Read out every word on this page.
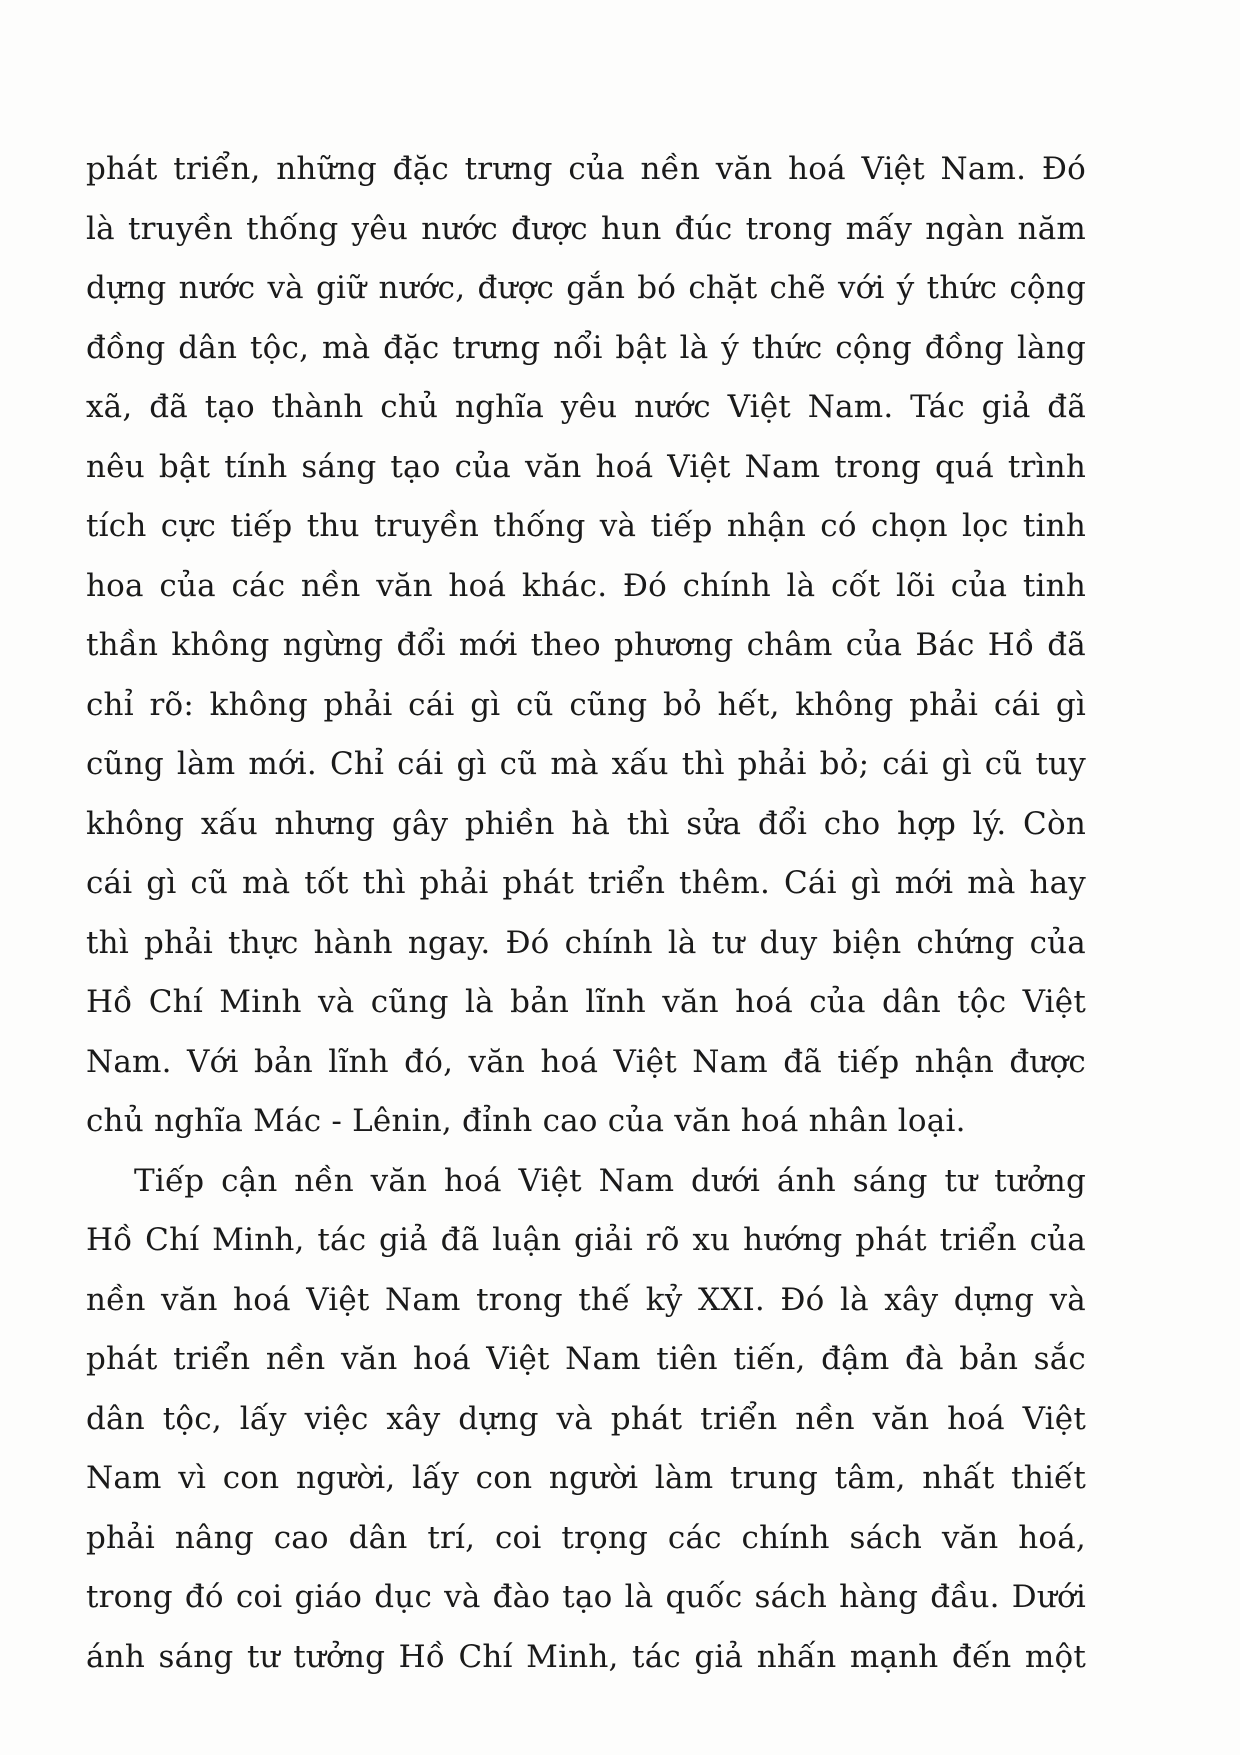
phát triển, những đặc trưng của nền văn hoá Việt Nam. Đó
là truyền thống yêu nước được hun đúc trong mấy ngàn năm
dựng nước và giữ nước, được gắn bó chặt chẽ với ý thức cộng
đồng dân tộc, mà đặc trưng nổi bật là ý thức cộng đồng làng
xã, đã tạo thành chủ nghĩa yêu nước Việt Nam. Tác giả đã
nêu bật tính sáng tạo của văn hoá Việt Nam trong quá trình
tích cực tiếp thu truyền thống và tiếp nhận có chọn lọc tinh
hoa của các nền văn hoá khác. Đó chính là cốt lõi của tinh
thần không ngừng đổi mới theo phương châm của Bác Hồ đã
chỉ rõ: không phải cái gì cũ cũng bỏ hết, không phải cái gì
cũng làm mới. Chỉ cái gì cũ mà xấu thì phải bỏ; cái gì cũ tuy
không xấu nhưng gây phiền hà thì sửa đổi cho hợp lý. Còn
cái gì cũ mà tốt thì phải phát triển thêm. Cái gì mới mà hay
thì phải thực hành ngay. Đó chính là tư duy biện chứng của
Hồ Chí Minh và cũng là bản lĩnh văn hoá của dân tộc Việt
Nam. Với bản lĩnh đó, văn hoá Việt Nam đã tiếp nhận được
chủ nghĩa Mác - Lênin, đỉnh cao của văn hoá nhân loại.
Tiếp cận nền văn hoá Việt Nam dưới ánh sáng tư tưởng
Hồ Chí Minh, tác giả đã luận giải rõ xu hướng phát triển của
nền văn hoá Việt Nam trong thế kỷ XXI. Đó là xây dựng và
phát triển nền văn hoá Việt Nam tiên tiến, đậm đà bản sắc
dân tộc, lấy việc xây dựng và phát triển nền văn hoá Việt
Nam vì con người, lấy con người làm trung tâm, nhất thiết
phải nâng cao dân trí, coi trọng các chính sách văn hoá,
trong đó coi giáo dục và đào tạo là quốc sách hàng đầu. Dưới
ánh sáng tư tưởng Hồ Chí Minh, tác giả nhấn mạnh đến một
